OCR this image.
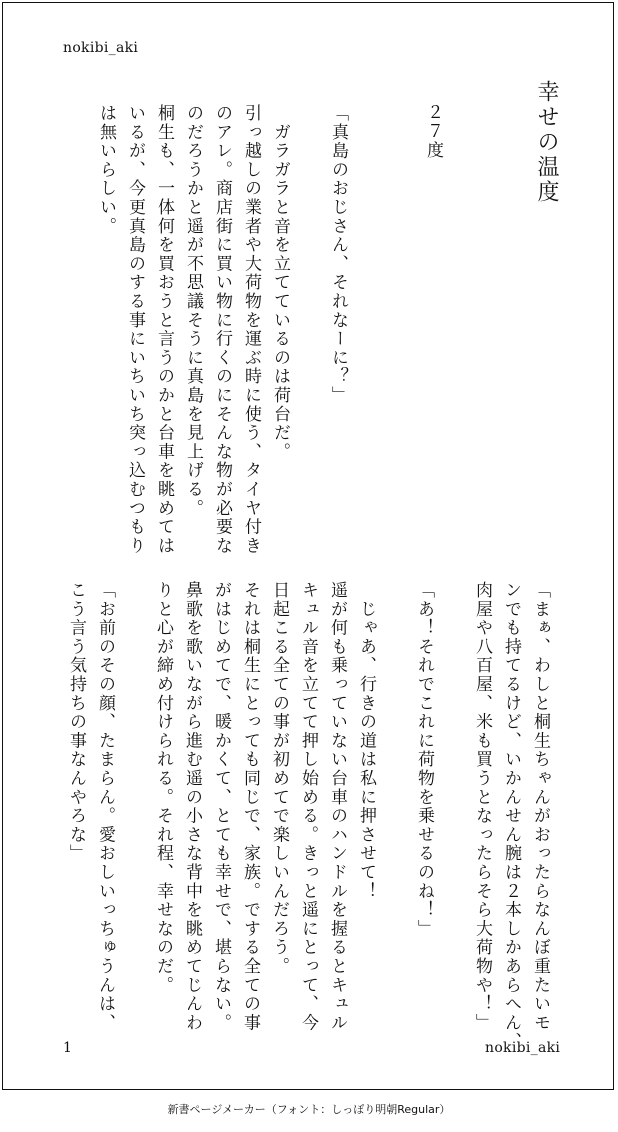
nokibi_aki
幸せの温度
２７度
「真島のおじさん、それなーに？」
　ガラガラと音を立てているのは荷台だ。
引っ越しの業者や大荷物を運ぶ時に使う、タイヤ付き
のアレ。商店街に買い物に行くのにそんな物が必要な
のだろうかと遥が不思議そうに真島を見上げる。
桐生も、一体何を買おうと言うのかと台車を眺めては
いるが、今更真島のする事にいちいち突っ込むつもり
は無いらしい。
「まぁ、わしと桐生ちゃんがおったらなんぼ重たいモ
ンでも持てるけど、いかんせん腕は２本しかあらへん、
肉屋や八百屋、米も買うとなったらそら大荷物や！」
「あ！それでこれに荷物を乗せるのね！」
　じゃあ、行きの道は私に押させて！
遥が何も乗っていない台車のハンドルを握るとキュル
キュル音を立てて押し始める。きっと遥にとって、今
日起こる全ての事が初めてで楽しいんだろう。
それは桐生にとっても同じで、家族。でする全ての事
がはじめてで、暖かくて、とても幸せで、堪らない。
鼻歌を歌いながら進む遥の小さな背中を眺めてじんわ
りと心が締め付けられる。それ程、幸せなのだ。
「お前のその顔、たまらん。愛おしいっちゅうんは、
こう言う気持ちの事なんやろな」
1	nokibi_aki
新書ページメーカー（フォント：しっぽり明朝Regular）
